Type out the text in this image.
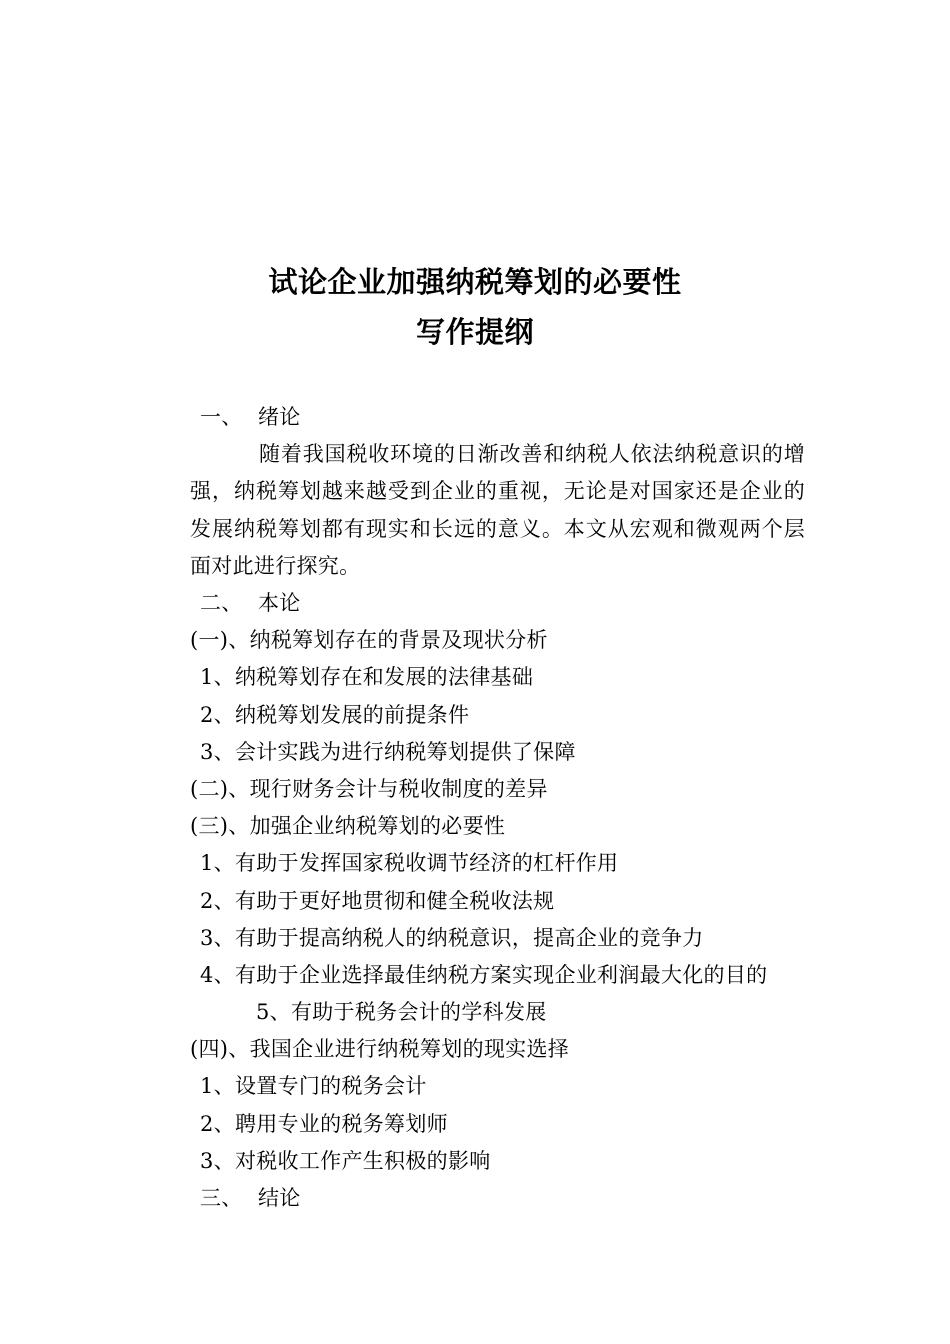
试论企业加强纳税筹划的必要性
写作提纲
一、 绪论
随着我国税收环境的日渐改善和纳税人依法纳税意识的增强，纳税筹划越来越受到企业的重视，无论是对国家还是企业的发展纳税筹划都有现实和长远的意义。本文从宏观和微观两个层面对此进行探究。
二、 本论
(一)、纳税筹划存在的背景及现状分析
1、纳税筹划存在和发展的法律基础
2、纳税筹划发展的前提条件
3、会计实践为进行纳税筹划提供了保障
(二)、现行财务会计与税收制度的差异
(三)、加强企业纳税筹划的必要性
1、有助于发挥国家税收调节经济的杠杆作用
2、有助于更好地贯彻和健全税收法规
3、有助于提高纳税人的纳税意识，提高企业的竞争力
4、有助于企业选择最佳纳税方案实现企业利润最大化的目的
5、有助于税务会计的学科发展
(四)、我国企业进行纳税筹划的现实选择
1、设置专门的税务会计
2、聘用专业的税务筹划师
3、对税收工作产生积极的影响
三、 结论
